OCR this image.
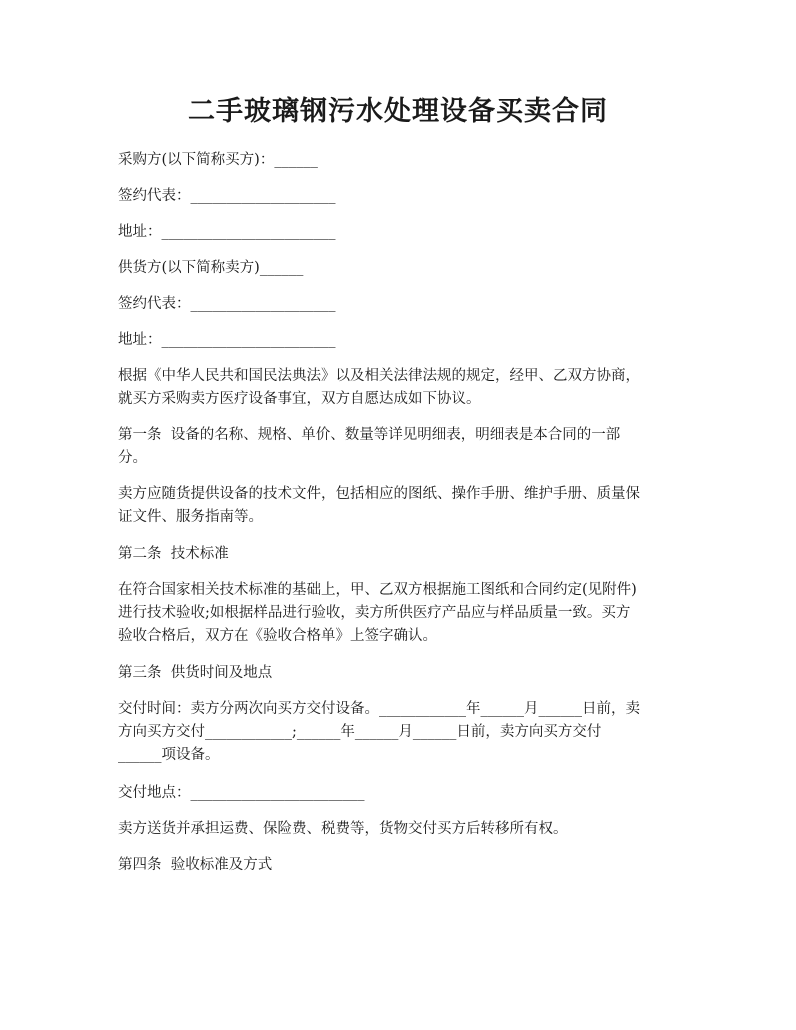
二手玻璃钢污水处理设备买卖合同

采购方(以下简称买方)：______

签约代表：____________________

地址：________________________

供货方(以下简称卖方)______

签约代表：____________________

地址：________________________

根据《中华人民共和国民法典法》以及相关法律法规的规定，经甲、乙双方协商，
就买方采购卖方医疗设备事宜，双方自愿达成如下协议。

第一条  设备的名称、规格、单价、数量等详见明细表，明细表是本合同的一部
分。

卖方应随货提供设备的技术文件，包括相应的图纸、操作手册、维护手册、质量保
证文件、服务指南等。

第二条  技术标准

在符合国家相关技术标准的基础上，甲、乙双方根据施工图纸和合同约定(见附件)
进行技术验收;如根据样品进行验收，卖方所供医疗产品应与样品质量一致。买方
验收合格后，双方在《验收合格单》上签字确认。

第三条  供货时间及地点

交付时间：卖方分两次向买方交付设备。____________年______月______日前，卖
方向买方交付____________;______年______月______日前，卖方向买方交付
______项设备。

交付地点：________________________

卖方送货并承担运费、保险费、税费等，货物交付买方后转移所有权。

第四条  验收标准及方式
